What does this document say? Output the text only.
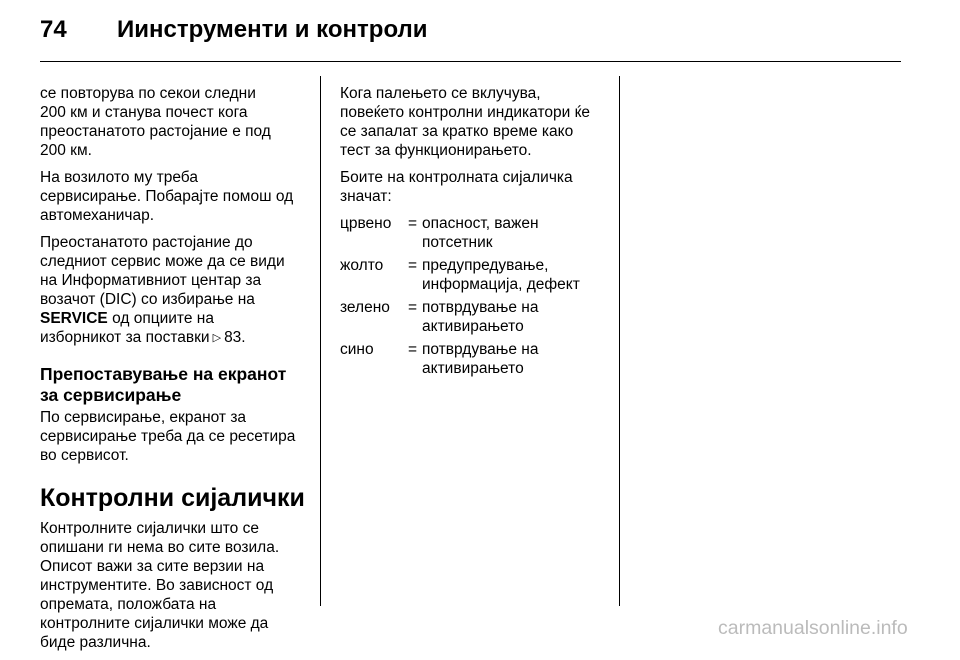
74 Иинструменти и контроли

се повторува по секои следни
200 км и станува почест кога
преостанатото растојание е под
200 км.

На возилото му треба
сервисирање. Побарајте помош од
автомеханичар.

Преостанатото растојание до
следниот сервис може да се види
на Информативниот центар за
возачот (DIC) со избирање на
SERVICE од опциите на
изборникот за поставки ▷ 83.

Препоставување на екранот
за сервисирање

По сервисирање, екранот за
сервисирање треба да се ресетира
во сервисот.

Контролни сијалички

Контролните сијалички што се
опишани ги нема во сите возила.
Описот важи за сите верзии на
инструментите. Во зависност од
опремата, положбата на
контролните сијалички може да
биде различна.

Кога палењето се вклучува,
повеќето контролни индикатори ќе
се запалат за кратко време како
тест за функционирањето.

Боите на контролната сијаличка
значат:

црвено	= опасност, важен
потсетник
жолто	= предупредување,
информација, дефект
зелено	= потврдување на
активирањето
сино	= потврдување на
активирањето
carmanualsonline.info
